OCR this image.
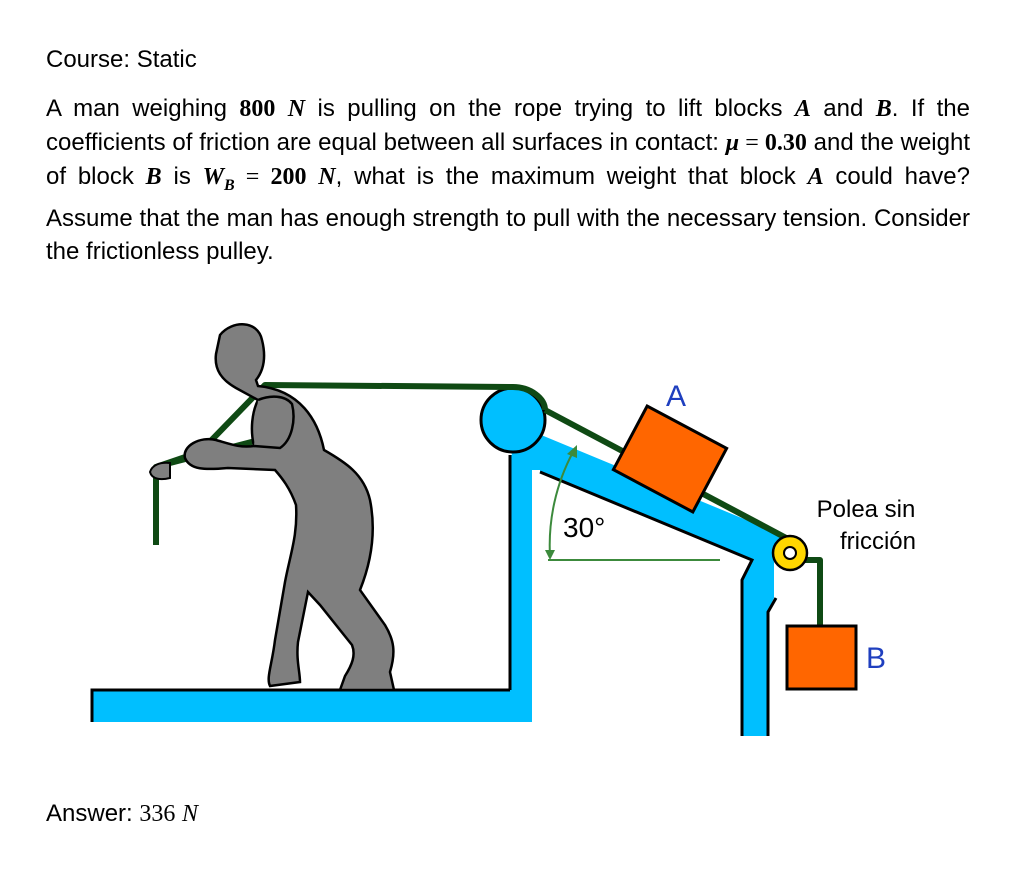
Course: Static
A man weighing 800 N is pulling on the rope trying to lift blocks A and B. If the coefficients of friction are equal between all surfaces in contact: μ = 0.30 and the weight of block B is $W_B = 200$ N, what is the maximum weight that block A could have? Assume that the man has enough strength to pull with the necessary tension. Consider the frictionless pulley.
A
B
30°
Polea sin
fricción
Answer: 336 N
